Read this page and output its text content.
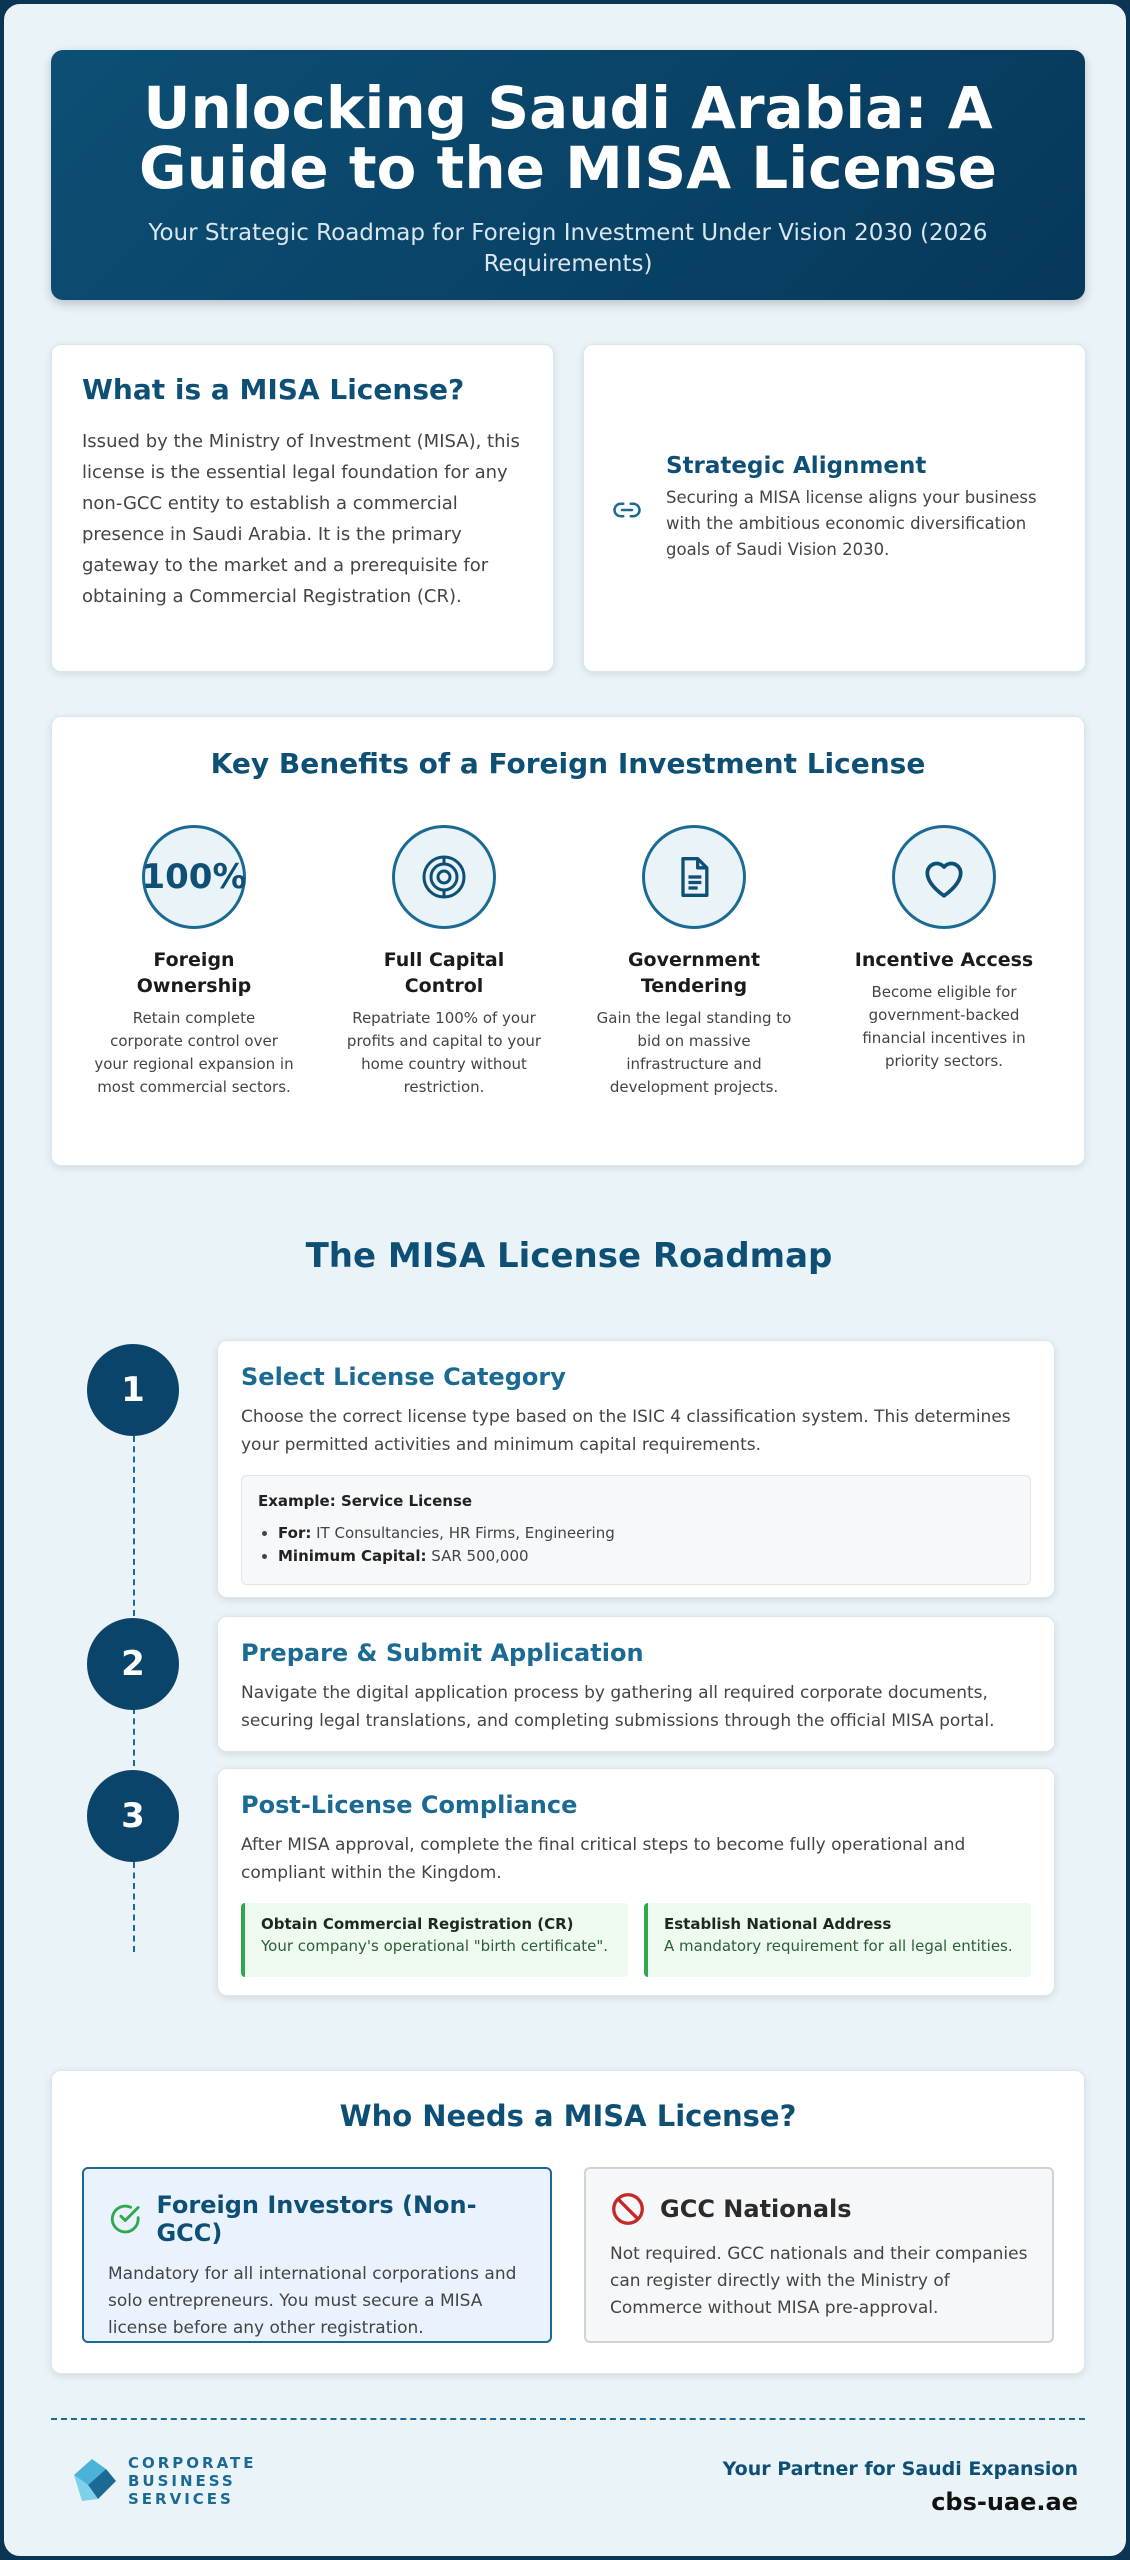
Unlocking Saudi Arabia: A Guide to the MISA License

Your Strategic Roadmap for Foreign Investment Under Vision 2030 (2026 Requirements)

What is a MISA License?

Issued by the Ministry of Investment (MISA), this license is the essential legal foundation for any non-GCC entity to establish a commercial presence in Saudi Arabia. It is the primary gateway to the market and a prerequisite for obtaining a Commercial Registration (CR).

Strategic Alignment

Securing a MISA license aligns your business with the ambitious economic diversification goals of Saudi Vision 2030.

Key Benefits of a Foreign Investment License
100%
Foreign Ownership

Retain complete corporate control over your regional expansion in most commercial sectors.

Full Capital Control

Repatriate 100% of your profits and capital to your home country without restriction.

Government Tendering

Gain the legal standing to bid on massive infrastructure and development projects.

Incentive Access

Become eligible for government-backed financial incentives in priority sectors.

The MISA License Roadmap
1	Select License Category

Choose the correct license type based on the ISIC 4 classification system. This determines your permitted activities and minimum capital requirements.

Example: Service License
• For: IT Consultancies, HR Firms, Engineering
• Minimum Capital: SAR 500,000
2	Prepare & Submit Application

Navigate the digital application process by gathering all required corporate documents, securing legal translations, and completing submissions through the official MISA portal.

3	Post-License Compliance

After MISA approval, complete the final critical steps to become fully operational and compliant within the Kingdom.

Obtain Commercial Registration (CR)
Your company's operational "birth certificate".
Establish National Address
A mandatory requirement for all legal entities.
Who Needs a MISA License?
Foreign Investors (Non-GCC)

Mandatory for all international corporations and solo entrepreneurs. You must secure a MISA license before any other registration.

GCC Nationals

Not required. GCC nationals and their companies can register directly with the Ministry of Commerce without MISA pre-approval.

CORPORATE
BUSINESS
SERVICES
Your Partner for Saudi Expansion
cbs-uae.ae
